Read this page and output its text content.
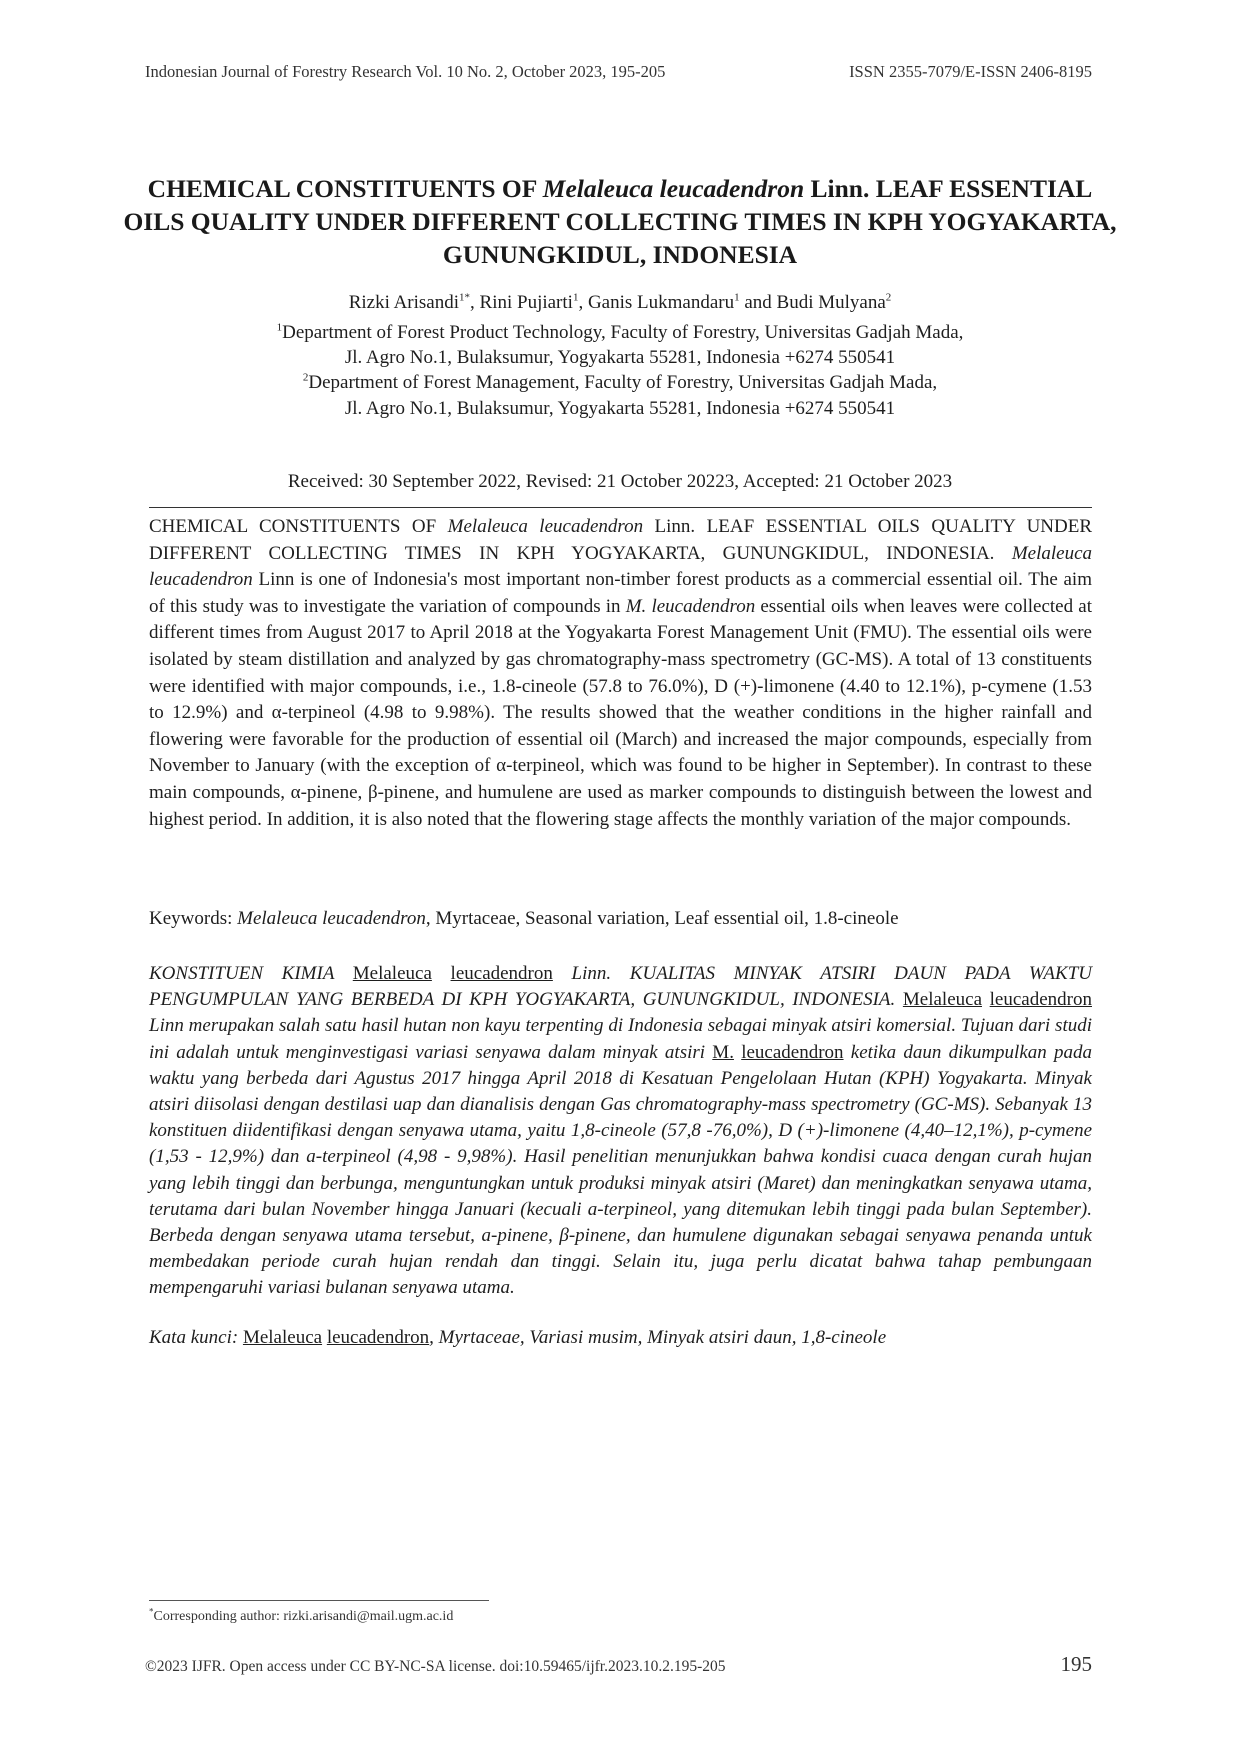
Indonesian Journal of Forestry Research Vol. 10 No. 2, October 2023, 195-205	ISSN 2355-7079/E-ISSN 2406-8195
CHEMICAL CONSTITUENTS OF Melaleuca leucadendron Linn. LEAF ESSENTIAL OILS QUALITY UNDER DIFFERENT COLLECTING TIMES IN KPH YOGYAKARTA, GUNUNGKIDUL, INDONESIA
Rizki Arisandi$^{1*}$, Rini Pujiarti$^1$, Ganis Lukmandaru$^1$ and Budi Mulyana$^2$
$^1$Department of Forest Product Technology, Faculty of Forestry, Universitas Gadjah Mada,
Jl. Agro No.1, Bulaksumur, Yogyakarta 55281, Indonesia +6274 550541
$^2$Department of Forest Management, Faculty of Forestry, Universitas Gadjah Mada,
Jl. Agro No.1, Bulaksumur, Yogyakarta 55281, Indonesia +6274 550541
Received: 30 September 2022, Revised: 21 October 20223, Accepted: 21 October 2023
CHEMICAL CONSTITUENTS OF Melaleuca leucadendron Linn. LEAF ESSENTIAL OILS QUALITY UNDER DIFFERENT COLLECTING TIMES IN KPH YOGYAKARTA, GUNUNGKIDUL, INDONESIA. Melaleuca leucadendron Linn is one of Indonesia's most important non-timber forest products as a commercial essential oil. The aim of this study was to investigate the variation of compounds in M. leucadendron essential oils when leaves were collected at different times from August 2017 to April 2018 at the Yogyakarta Forest Management Unit (FMU). The essential oils were isolated by steam distillation and analyzed by gas chromatography-mass spectrometry (GC-MS). A total of 13 constituents were identified with major compounds, i.e., 1.8-cineole (57.8 to 76.0%), D (+)-limonene (4.40 to 12.1%), p-cymene (1.53 to 12.9%) and α-terpineol (4.98 to 9.98%). The results showed that the weather conditions in the higher rainfall and flowering were favorable for the production of essential oil (March) and increased the major compounds, especially from November to January (with the exception of α-terpineol, which was found to be higher in September). In contrast to these main compounds, α-pinene, β-pinene, and humulene are used as marker compounds to distinguish between the lowest and highest period. In addition, it is also noted that the flowering stage affects the monthly variation of the major compounds.
Keywords: Melaleuca leucadendron, Myrtaceae, Seasonal variation, Leaf essential oil, 1.8-cineole
KONSTITUEN KIMIA Melaleuca leucadendron Linn. KUALITAS MINYAK ATSIRI DAUN PADA WAKTU PENGUMPULAN YANG BERBEDA DI KPH YOGYAKARTA, GUNUNGKIDUL, INDONESIA. Melaleuca leucadendron Linn merupakan salah satu hasil hutan non kayu terpenting di Indonesia sebagai minyak atsiri komersial. Tujuan dari studi ini adalah untuk menginvestigasi variasi senyawa dalam minyak atsiri M. leucadendron ketika daun dikumpulkan pada waktu yang berbeda dari Agustus 2017 hingga April 2018 di Kesatuan Pengelolaan Hutan (KPH) Yogyakarta. Minyak atsiri diisolasi dengan destilasi uap dan dianalisis dengan Gas chromatography-mass spectrometry (GC-MS). Sebanyak 13 konstituen diidentifikasi dengan senyawa utama, yaitu 1,8-cineole (57,8 -76,0%), D (+)-limonene (4,40–12,1%), p-cymene (1,53 - 12,9%) dan a-terpineol (4,98 - 9,98%). Hasil penelitian menunjukkan bahwa kondisi cuaca dengan curah hujan yang lebih tinggi dan berbunga, menguntungkan untuk produksi minyak atsiri (Maret) dan meningkatkan senyawa utama, terutama dari bulan November hingga Januari (kecuali a-terpineol, yang ditemukan lebih tinggi pada bulan September). Berbeda dengan senyawa utama tersebut, a-pinene, β-pinene, dan humulene digunakan sebagai senyawa penanda untuk membedakan periode curah hujan rendah dan tinggi. Selain itu, juga perlu dicatat bahwa tahap pembungaan mempengaruhi variasi bulanan senyawa utama.
Kata kunci: Melaleuca leucadendron, Myrtaceae, Variasi musim, Minyak atsiri daun, 1,8-cineole
*Corresponding author: rizki.arisandi@mail.ugm.ac.id
©2023 IJFR. Open access under CC BY-NC-SA license. doi:10.59465/ijfr.2023.10.2.195-205	195
